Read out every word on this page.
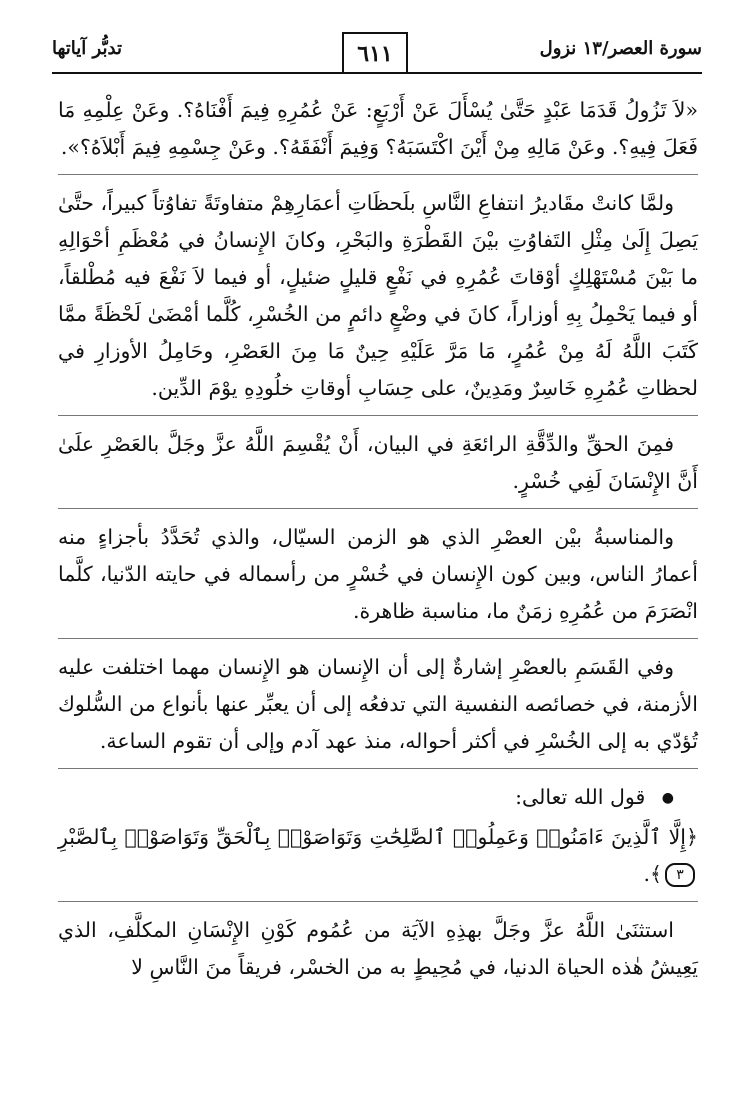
سورة العصر/١٣ نزول
٦١١
تدبُّر آياتها

«لاَ تَزُولُ قَدَمَا عَبْدٍ حَتَّىٰ يُسْأَلَ عَنْ أَرْبَعٍ: عَنْ عُمُرِهِ فِيمَ أَفْنَاهُ؟. وعَنْ عِلْمِهِ مَا فَعَلَ فِيهِ؟. وعَنْ مَالِهِ مِنْ أَيْنَ اكْتَسَبَهُ؟ وَفِيمَ أَنْفَقَهُ؟. وعَنْ جِسْمِهِ فِيمَ أَبْلاَهُ؟».

ولمَّا كانتْ مقَاديرُ انتفاعِ النَّاسِ بلَحظَاتِ أعمَارِهِمْ متفاوتَةً تفاوُتاً كبيراً، حتَّىٰ يَصِلَ إِلَىٰ مِثْلِ التَفاوُتِ بيْنَ القَطْرَةِ والبَحْرِ، وكانَ الإِنسانُ في مُعْظَمِ أحْوَالِهِ ما بَيْنَ مُسْتَهْلِكٍ أوْقاتَ عُمُرِهِ في نَفْعٍ قليلٍ ضئيلٍ، أو فيما لاَ نَفْعَ فيه مُطْلقاً، أو فيما يَحْمِلُ بِهِ أوزاراً، كانَ في وضْعٍ دائمٍ من الخُسْرِ، كُلَّما أمْضَىٰ لَحْظَةً ممَّا كَتَبَ اللَّهُ لَهُ مِنْ عُمُرٍ، مَا مَرَّ عَلَيْهِ حِينٌ مَا مِنَ العَصْرِ، وحَامِلُ الأوزارِ في لحظاتِ عُمُرِهِ خَاسِرٌ ومَدِينٌ، على حِسَابِ أوقاتِ خلُودِهِ يوْمَ الدِّين.

فمِنَ الحقِّ والدِّقَّةِ الرائعَةِ في البيان، أَنْ يُقْسِمَ اللَّهُ عزَّ وجَلَّ بالعَصْرِ علَىٰ أَنَّ الإِنْسَانَ لَفِي خُسْرٍ.

والمناسبةُ بيْن العصْرِ الذي هو الزمن السيّال، والذي تُحَدَّدُ بأجزاءٍ منه أعمارُ الناس، وبين كون الإِنسان في خُسْرٍ من رأسماله في حايته الدّنيا، كلَّما انْصَرَمَ من عُمُرِهِ زمَنٌ ما، مناسبة ظاهرة.

وفي القَسَمِ بالعصْرِ إشارةٌ إلى أن الإِنسان هو الإِنسان مهما اختلفت عليه الأزمنة، في خصائصه النفسية التي تدفعُه إلى أن يعبِّر عنها بأنواع من السُّلوك تُؤدّي به إلى الخُسْرِ في أكثر أحواله، منذ عهد آدم وإلى أن تقوم الساعة.

● قول الله تعالى:

﴿إِلَّا ٱلَّذِينَ ءَامَنُوا۟ وَعَمِلُوا۟ ٱلصَّٰلِحَٰتِ وَتَوَاصَوْا۟ بِٱلْحَقِّ وَتَوَاصَوْا۟ بِٱلصَّبْرِ ٣﴾.

استثنَىٰ اللَّهُ عزَّ وجَلَّ بهذِهِ الآيَة من عُمُوم كَوْنِ الإِنْسَانِ المكلَّفِ، الذي يَعِيشُ هٰذه الحياة الدنيا، في مُحِيطٍ به من الخسْر، فريقاً منَ النَّاسِ لا
